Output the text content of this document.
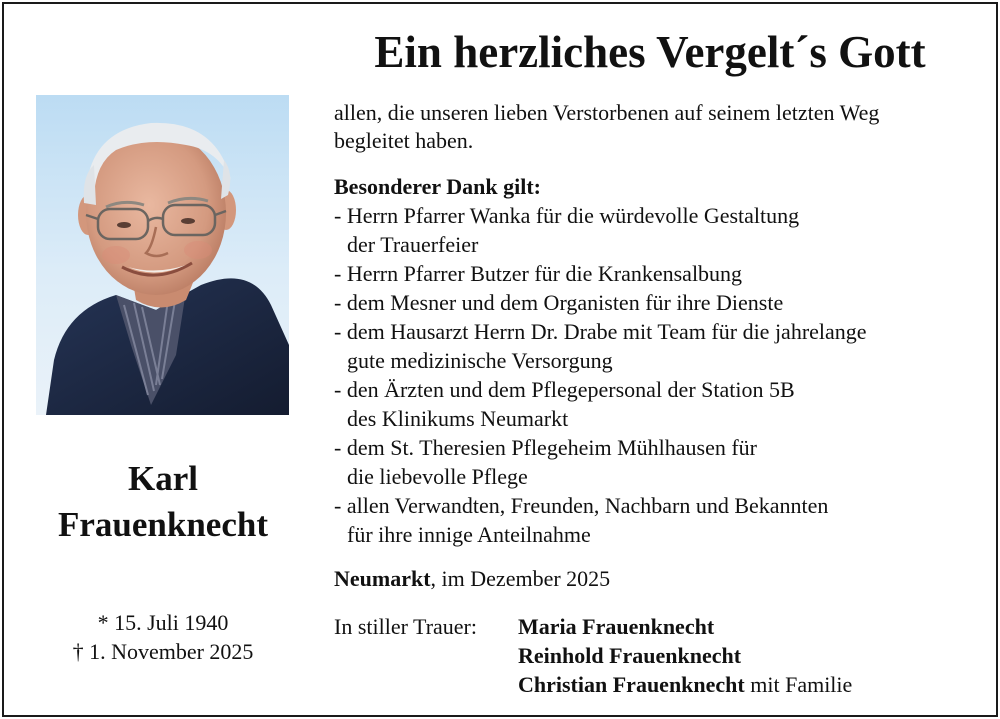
Ein herzliches Vergelt´s Gott
allen, die unseren lieben Verstorbenen auf seinem letzten Weg
begleitet haben.
Besonderer Dank gilt:
- Herrn Pfarrer Wanka für die würdevolle Gestaltung
der Trauerfeier
- Herrn Pfarrer Butzer für die Krankensalbung
- dem Mesner und dem Organisten für ihre Dienste
- dem Hausarzt Herrn Dr. Drabe mit Team für die jahrelange
gute medizinische Versorgung
- den Ärzten und dem Pflegepersonal der Station 5B
des Klinikums Neumarkt
- dem St. Theresien Pflegeheim Mühlhausen für
die liebevolle Pflege
- allen Verwandten, Freunden, Nachbarn und Bekannten
für ihre innige Anteilnahme
Neumarkt, im Dezember 2025
In stiller Trauer: Maria Frauenknecht
Reinhold Frauenknecht
Christian Frauenknecht mit Familie
Karl
Frauenknecht
* 15. Juli 1940
† 1. November 2025
